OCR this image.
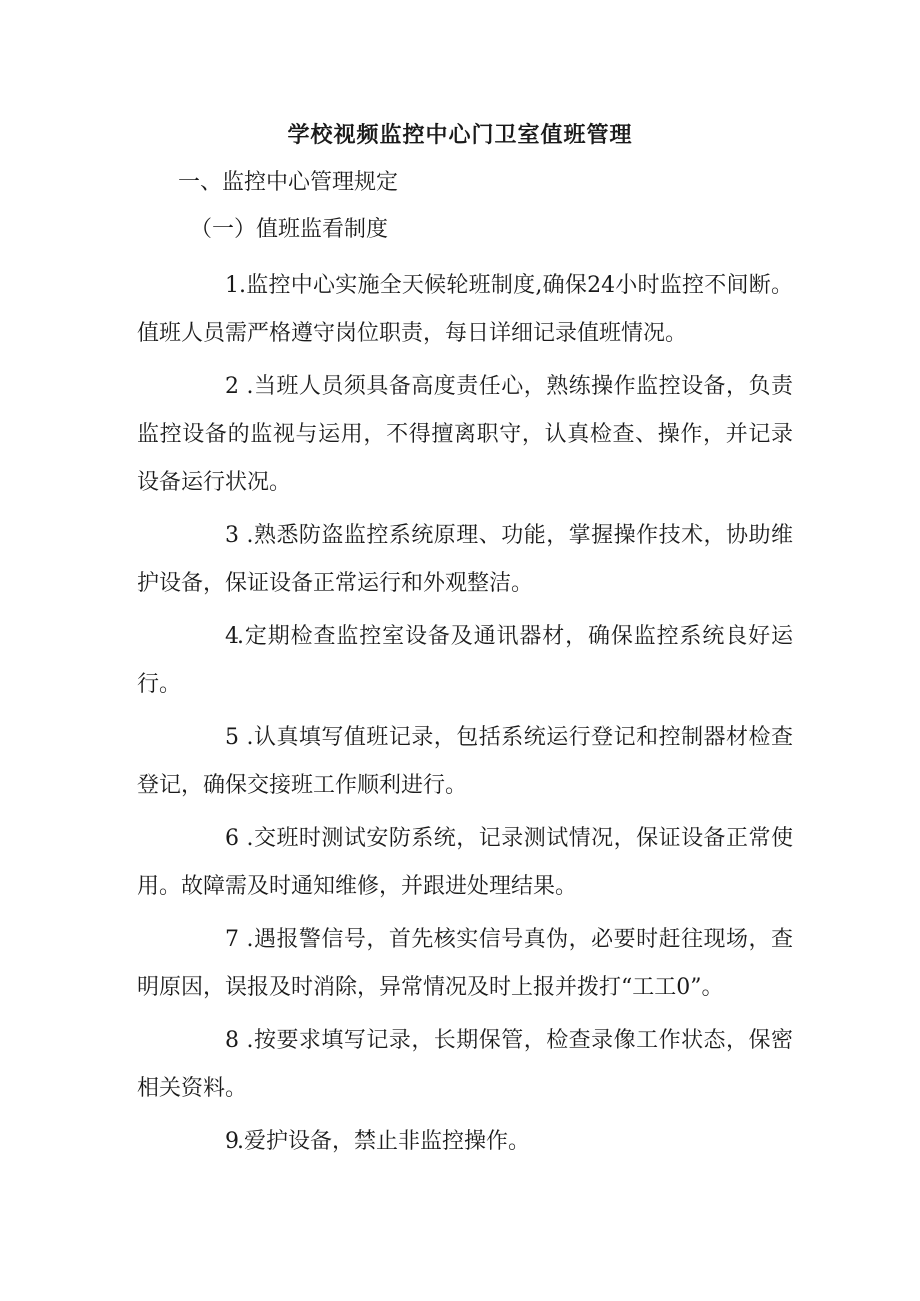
学校视频监控中心门卫室值班管理
一、监控中心管理规定
（一）值班监看制度

1.监控中心实施全天候轮班制度,确保24小时监控不间断。值班人员需严格遵守岗位职责，每日详细记录值班情况。

2 .当班人员须具备高度责任心，熟练操作监控设备，负责监控设备的监视与运用，不得擅离职守，认真检查、操作，并记录设备运行状况。

3 .熟悉防盗监控系统原理、功能，掌握操作技术，协助维护设备，保证设备正常运行和外观整洁。

4.定期检查监控室设备及通讯器材，确保监控系统良好运行。

5 .认真填写值班记录，包括系统运行登记和控制器材检查登记，确保交接班工作顺利进行。

6 .交班时测试安防系统，记录测试情况，保证设备正常使用。故障需及时通知维修，并跟进处理结果。

7 .遇报警信号，首先核实信号真伪，必要时赶往现场，查明原因，误报及时消除，异常情况及时上报并拨打“工工0”。

8 .按要求填写记录，长期保管，检查录像工作状态，保密相关资料。

9.爱护设备，禁止非监控操作。
